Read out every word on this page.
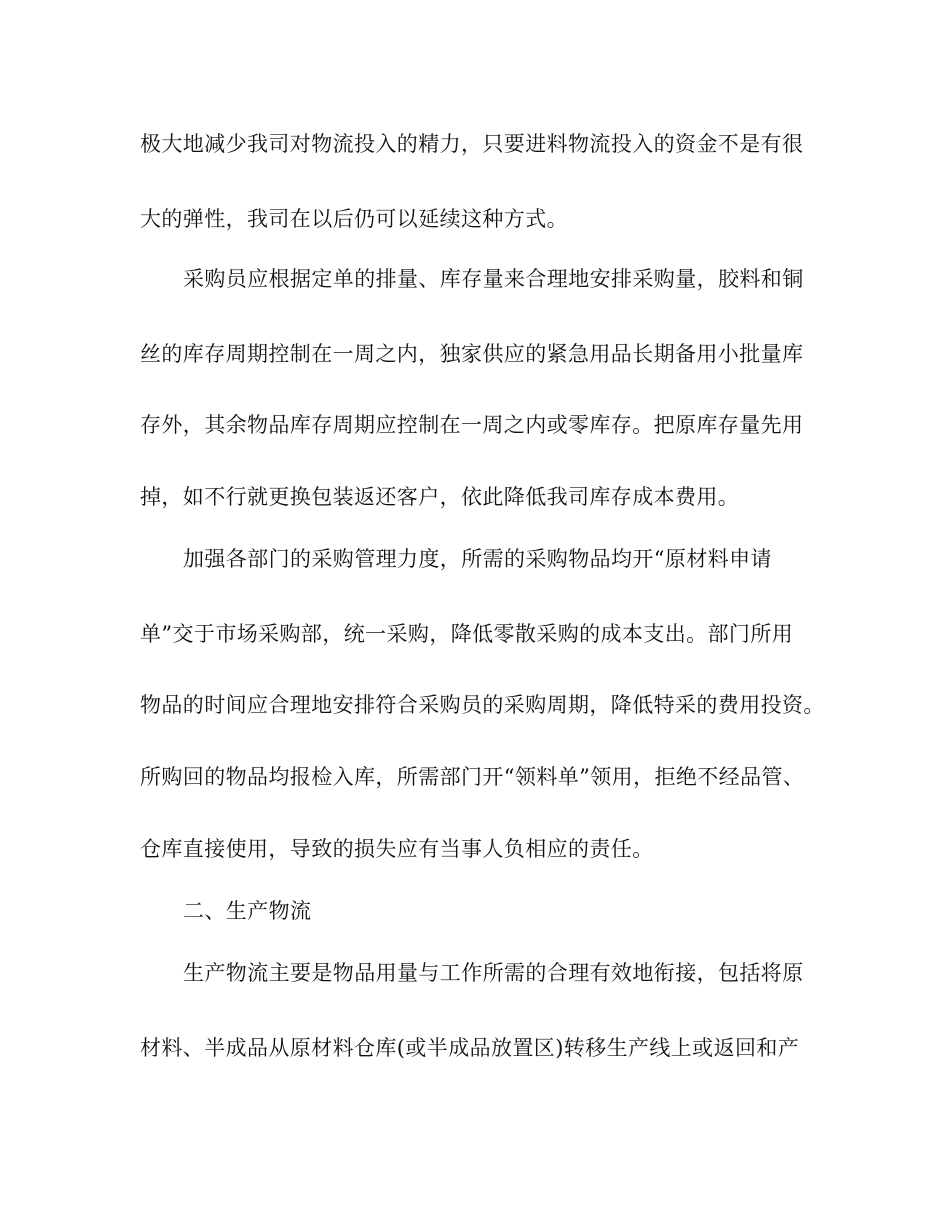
极大地减少我司对物流投入的精力，只要进料物流投入的资金不是有很
大的弹性，我司在以后仍可以延续这种方式。
采购员应根据定单的排量、库存量来合理地安排采购量，胶料和铜
丝的库存周期控制在一周之内，独家供应的紧急用品长期备用小批量库
存外，其余物品库存周期应控制在一周之内或零库存。把原库存量先用
掉，如不行就更换包装返还客户，依此降低我司库存成本费用。
加强各部门的采购管理力度，所需的采购物品均开“原材料申请
单”交于市场采购部，统一采购，降低零散采购的成本支出。部门所用
物品的时间应合理地安排符合采购员的采购周期，降低特采的费用投资。
所购回的物品均报检入库，所需部门开“领料单”领用，拒绝不经品管、
仓库直接使用，导致的损失应有当事人负相应的责任。
二、生产物流
生产物流主要是物品用量与工作所需的合理有效地衔接，包括将原
材料、半成品从原材料仓库(或半成品放置区)转移生产线上或返回和产
